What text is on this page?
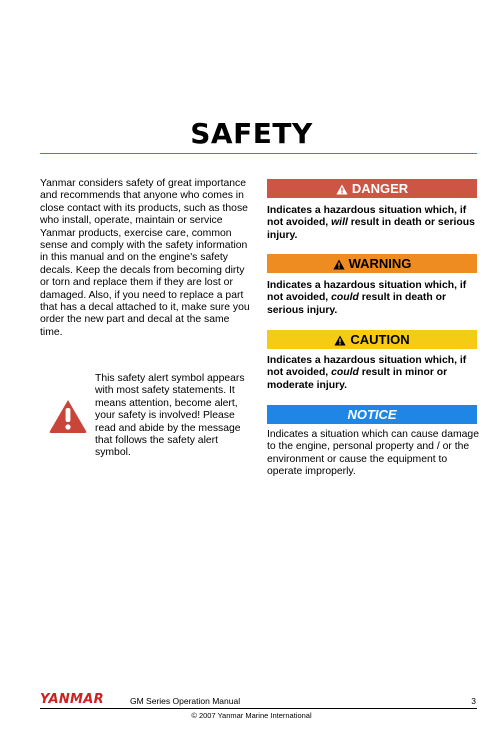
SAFETY
Yanmar considers safety of great importance and recommends that anyone who comes in close contact with its products, such as those who install, operate, maintain or service Yanmar products, exercise care, common sense and comply with the safety information in this manual and on the engine's safety decals. Keep the decals from becoming dirty or torn and replace them if they are lost or damaged. Also, if you need to replace a part that has a decal attached to it, make sure you order the new part and decal at the same time.
This safety alert symbol appears with most safety statements. It means attention, become alert, your safety is involved! Please read and abide by the message that follows the safety alert symbol.
DANGER
Indicates a hazardous situation which, if not avoided, will result in death or serious injury.
WARNING
Indicates a hazardous situation which, if not avoided, could result in death or serious injury.
CAUTION
Indicates a hazardous situation which, if not avoided, could result in minor or moderate injury.
NOTICE
Indicates a situation which can cause damage to the engine, personal property and / or the environment or cause the equipment to operate improperly.
YANMAR	GM Series Operation Manual	3
© 2007 Yanmar Marine International
